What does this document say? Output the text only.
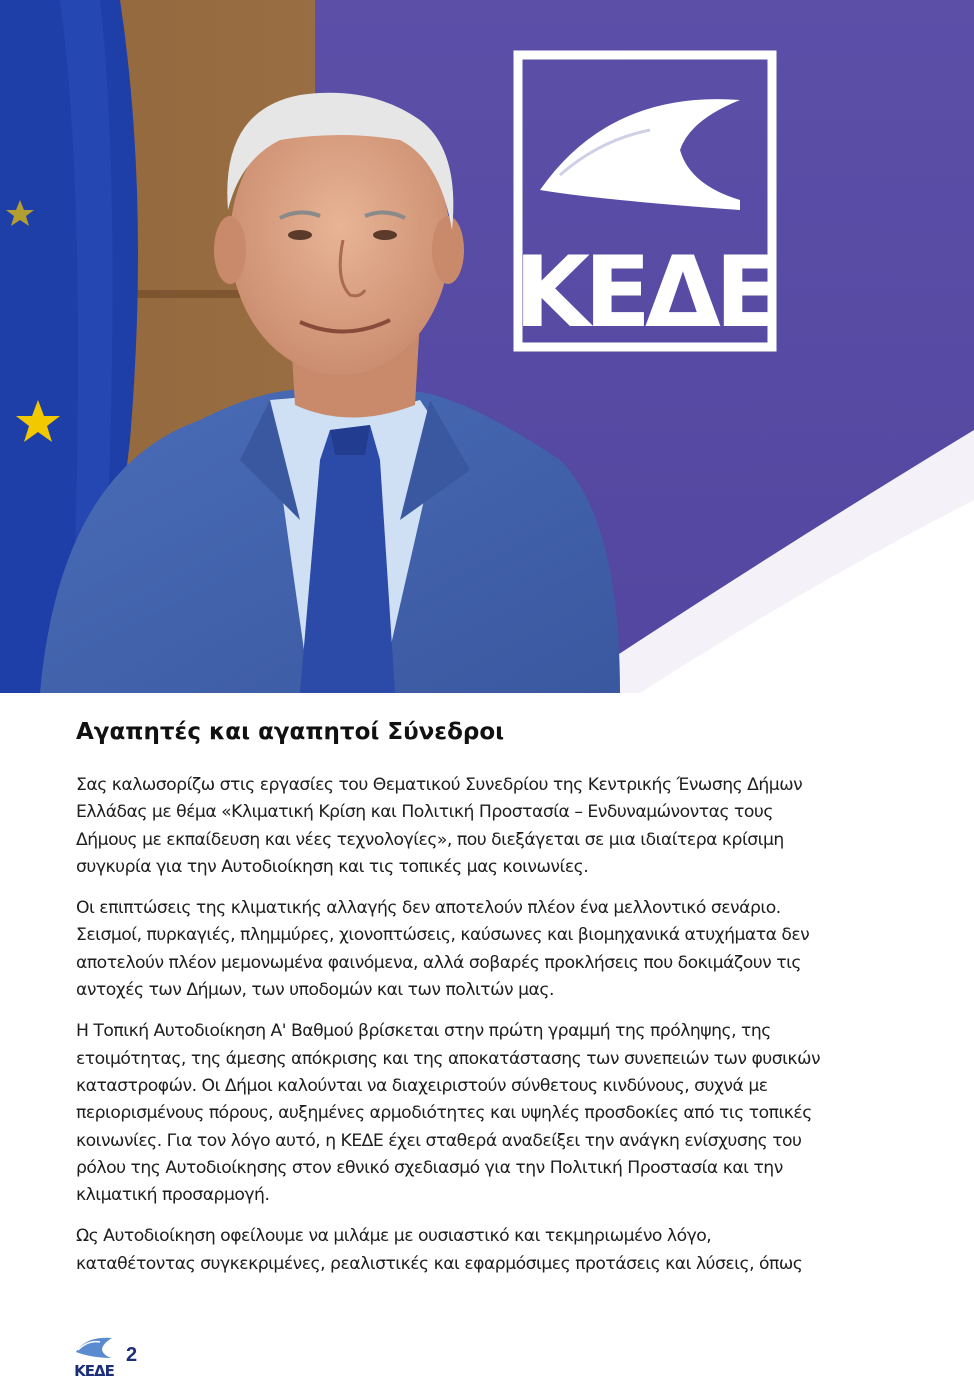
ΚΕΔΕ
Αγαπητές και αγαπητοί Σύνεδροι

Σας καλωσορίζω στις εργασίες του Θεματικού Συνεδρίου της Κεντρικής Ένωσης Δήμων
Ελλάδας με θέμα «Κλιματική Κρίση και Πολιτική Προστασία – Ενδυναμώνοντας τους
Δήμους με εκπαίδευση και νέες τεχνολογίες», που διεξάγεται σε μια ιδιαίτερα κρίσιμη
συγκυρία για την Αυτοδιοίκηση και τις τοπικές μας κοινωνίες.

Οι επιπτώσεις της κλιματικής αλλαγής δεν αποτελούν πλέον ένα μελλοντικό σενάριο.
Σεισμοί, πυρκαγιές, πλημμύρες, χιονοπτώσεις, καύσωνες και βιομηχανικά ατυχήματα δεν
αποτελούν πλέον μεμονωμένα φαινόμενα, αλλά σοβαρές προκλήσεις που δοκιμάζουν τις
αντοχές των Δήμων, των υποδομών και των πολιτών μας.

Η Τοπική Αυτοδιοίκηση Α' Βαθμού βρίσκεται στην πρώτη γραμμή της πρόληψης, της
ετοιμότητας, της άμεσης απόκρισης και της αποκατάστασης των συνεπειών των φυσικών
καταστροφών. Οι Δήμοι καλούνται να διαχειριστούν σύνθετους κινδύνους, συχνά με
περιορισμένους πόρους, αυξημένες αρμοδιότητες και υψηλές προσδοκίες από τις τοπικές
κοινωνίες. Για τον λόγο αυτό, η ΚΕΔΕ έχει σταθερά αναδείξει την ανάγκη ενίσχυσης του
ρόλου της Αυτοδιοίκησης στον εθνικό σχεδιασμό για την Πολιτική Προστασία και την
κλιματική προσαρμογή.

Ως Αυτοδιοίκηση οφείλουμε να μιλάμε με ουσιαστικό και τεκμηριωμένο λόγο,
καταθέτοντας συγκεκριμένες, ρεαλιστικές και εφαρμόσιμες προτάσεις και λύσεις, όπως

ΚΕΔΕ
2
